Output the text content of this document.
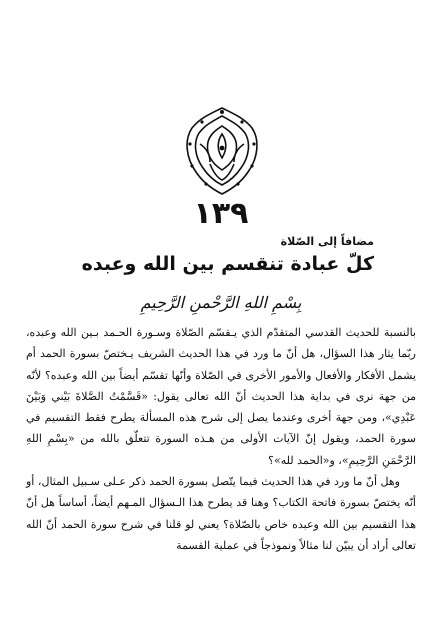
١٣٩
مضافاً إلى الصّلاة
كلّ عبادة تنقسم بين الله وعبده
بِسْمِ اللهِ الرَّحْمنِ الرَّحِيمِ

بالنسبة للحديث القدسي المتقدّم الذي يـقسّم الصّلاة وسـورة الحـمد بـين الله وعبده، ربّما يثار هذا السؤال، هل أنّ ما ورد في هذا الحديث الشريف يـختصّ بسورة الحمد أم يشمل الأفكار والأفعال والأمور الأخرى في الصّلاة وأنّها تقسّم أيضاً بين الله وعبده؟ لأنّه من جهة نرى في بداية هذا الحديث أنّ الله تعالى يقول: «قَسَّمْتُ الصَّلاةَ بَيْني وَبَيْنَ عَبْدِي»، ومن جهة أخرى وعندما يصل إلى شرح هذه المسألة يطرح فقط التقسيم في سورة الحمد، ويقول إنّ الآيات الأولى من هـذه السورة تتعلّق بالله من «بِسْمِ اللهِ الرَّحْمَنِ الرَّحِيمِ»، و«الحمد لله»؟

وهل أنّ ما ورد في هذا الحديث فيما يتّصل بسورة الحمد ذكر عـلى سـبيل المثال، أو أنّه يختصّ بسورة فاتحة الكتاب؟ وهنا قد يطرح هذا الـسؤال المـهم أيضاً، أساساً هل أنّ هذا التقسيم بين الله وعبده خاص بالصّلاة؟ يعني لو قلنا في شرح سورة الحمد أنّ الله تعالى أراد أن يبيّن لنا مثالاً ونموذجاً في عملية القسمة
